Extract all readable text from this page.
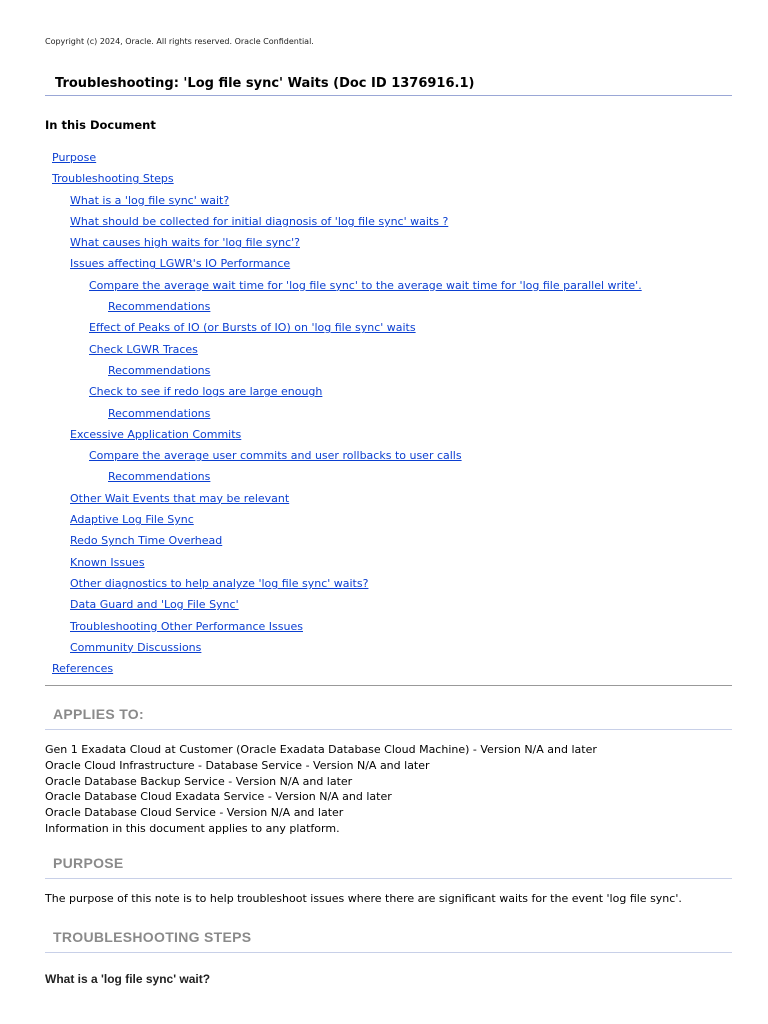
Copyright (c) 2024, Oracle. All rights reserved. Oracle Confidential.
Troubleshooting: 'Log file sync' Waits (Doc ID 1376916.1)
In this Document
Purpose
Troubleshooting Steps
What is a 'log file sync' wait?
What should be collected for initial diagnosis of 'log file sync' waits ?
What causes high waits for 'log file sync'?
Issues affecting LGWR's IO Performance
Compare the average wait time for 'log file sync' to the average wait time for 'log file parallel write'.
Recommendations
Effect of Peaks of IO (or Bursts of IO) on 'log file sync' waits
Check LGWR Traces
Recommendations
Check to see if redo logs are large enough
Recommendations
Excessive Application Commits
Compare the average user commits and user rollbacks to user calls
Recommendations
Other Wait Events that may be relevant
Adaptive Log File Sync
Redo Synch Time Overhead
Known Issues
Other diagnostics to help analyze 'log file sync' waits?
Data Guard and 'Log File Sync'
Troubleshooting Other Performance Issues
Community Discussions
References
APPLIES TO:
Gen 1 Exadata Cloud at Customer (Oracle Exadata Database Cloud Machine) - Version N/A and later
Oracle Cloud Infrastructure - Database Service - Version N/A and later
Oracle Database Backup Service - Version N/A and later
Oracle Database Cloud Exadata Service - Version N/A and later
Oracle Database Cloud Service - Version N/A and later
Information in this document applies to any platform.
PURPOSE
The purpose of this note is to help troubleshoot issues where there are significant waits for the event 'log file sync'.
TROUBLESHOOTING STEPS
What is a 'log file sync' wait?
